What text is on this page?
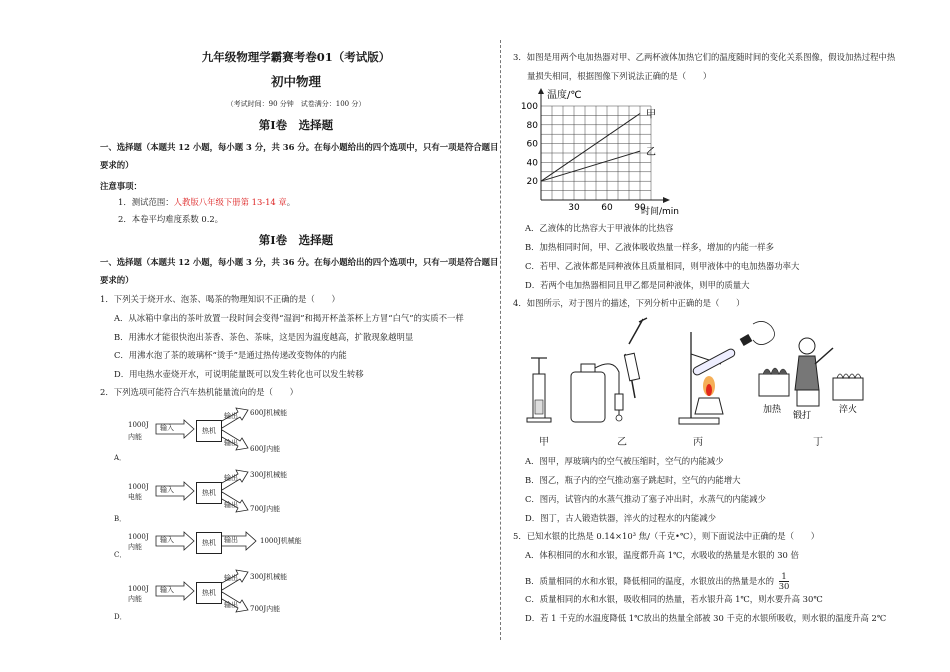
九年级物理学霸赛考卷01（考试版）
初中物理
（考试时间：90 分钟　试卷满分：100 分）
第Ⅰ卷　选择题
一、选择题（本题共 12 小题，每小题 3 分，共 36 分。在每小题给出的四个选项中，只有一项是符合题目
要求的）
注意事项：
1．测试范围：人教版八年级下册第 13-14 章。
2．本卷平均难度系数 0.2。
第Ⅰ卷　选择题
一、选择题（本题共 12 小题，每小题 3 分，共 36 分。在每小题给出的四个选项中，只有一项是符合题目
要求的）
1．下列关于烧开水、泡茶、喝茶的物理知识不正确的是（　　）
A．从冰箱中拿出的茶叶放置一段时间会变得“湿润”和揭开杯盖茶杯上方冒“白气”的实质不一样
B．用沸水才能很快泡出茶香、茶色、茶味，这是因为温度越高，扩散现象越明显
C．用沸水泡了茶的玻璃杯“烫手”是通过热传递改变物体的内能
D．用电热水壶烧开水，可说明能量既可以发生转化也可以发生转移
2．下列选项可能符合汽车热机能量流向的是（　　）
1000J
内能
输入	热机
输出
输出
600J机械能
600J内能
A．
1000J
电能
输入	热机
输出
输出
300J机械能
700J内能
B．
1000J
内能
输入	热机	输出	1000J机械能
C．
1000J
内能
输入	热机
输出
输出
300J机械能
700J内能
D．
3．如图是用两个电加热器对甲、乙两杯液体加热它们的温度随时间的变化关系图像，假设加热过程中热
量损失相同，根据图像下列说法正确的是（　　）
温度/℃
时间/min
20
40
60
80
100
30 60 90
甲
乙
A．乙液体的比热容大于甲液体的比热容
B．加热相同时间，甲、乙液体吸收热量一样多，增加的内能一样多
C．若甲、乙液体都是同种液体且质量相同，则甲液体中的电加热器功率大
D．若两个电加热器相同且甲乙都是同种液体，则甲的质量大
4．如图所示，对于图片的描述，下列分析中正确的是（　　）
加热
锻打
淬火
甲	乙	丙	丁
A．图甲，厚玻璃内的空气被压缩时，空气的内能减少
B．图乙，瓶子内的空气推动塞子跳起时，空气的内能增大
C．图丙，试管内的水蒸气推动了塞子冲出时，水蒸气的内能减少
D．图丁，古人锻造铁器，淬火的过程水的内能减少
5．已知水银的比热是 0.14×10³ 焦/（千克•℃），则下面说法中正确的是（　　）
A．体积相同的水和水银，温度都升高 1℃，水吸收的热量是水银的 30 倍
B．质量相同的水和水银，降低相同的温度，水银放出的热量是水的 $\frac{1}{30}$
C．质量相同的水和水银，吸收相同的热量，若水银升高 1℃，则水要升高 30℃
D．若 1 千克的水温度降低 1℃放出的热量全部被 30 千克的水银所吸收，则水银的温度升高 2℃
